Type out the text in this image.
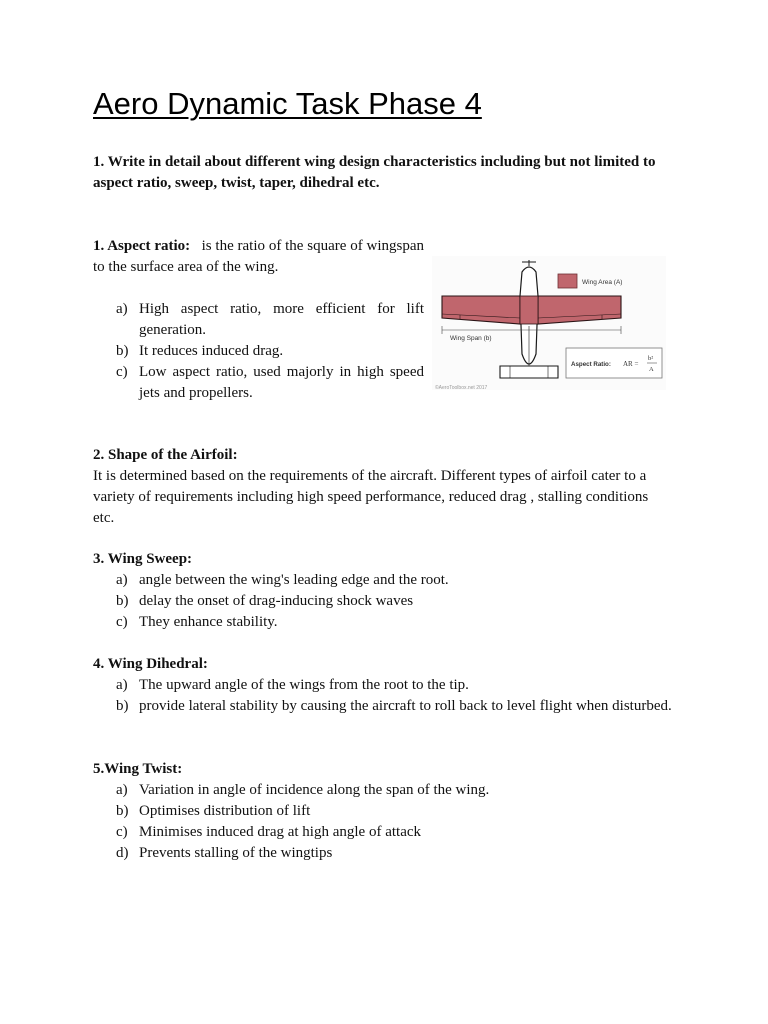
Aero Dynamic Task Phase 4
1. Write in detail about different wing design characteristics including but not limited to aspect ratio, sweep, twist, taper, dihedral etc.

1. Aspect ratio: is the ratio of the square of wingspan to the surface area of the wing.

a) High aspect ratio, more efficient for lift generation.
b) It reduces induced drag.
c) Low aspect ratio, used majorly in high speed jets and propellers.
Wing Area (A)
Wing Span (b)
Aspect Ratio: AR =
b²
A
©AeroToolbox.net 2017
2. Shape of the Airfoil:

It is determined based on the requirements of the aircraft. Different types of airfoil cater to a variety of requirements including high speed performance, reduced drag , stalling conditions etc.

3. Wing Sweep:
a) angle between the wing's leading edge and the root.
b) delay the onset of drag-inducing shock waves
c) They enhance stability.
4. Wing Dihedral:
a) The upward angle of the wings from the root to the tip.
b) provide lateral stability by causing the aircraft to roll back to level flight when disturbed.
5.Wing Twist:
a) Variation in angle of incidence along the span of the wing.
b) Optimises distribution of lift
c) Minimises induced drag at high angle of attack
d) Prevents stalling of the wingtips
